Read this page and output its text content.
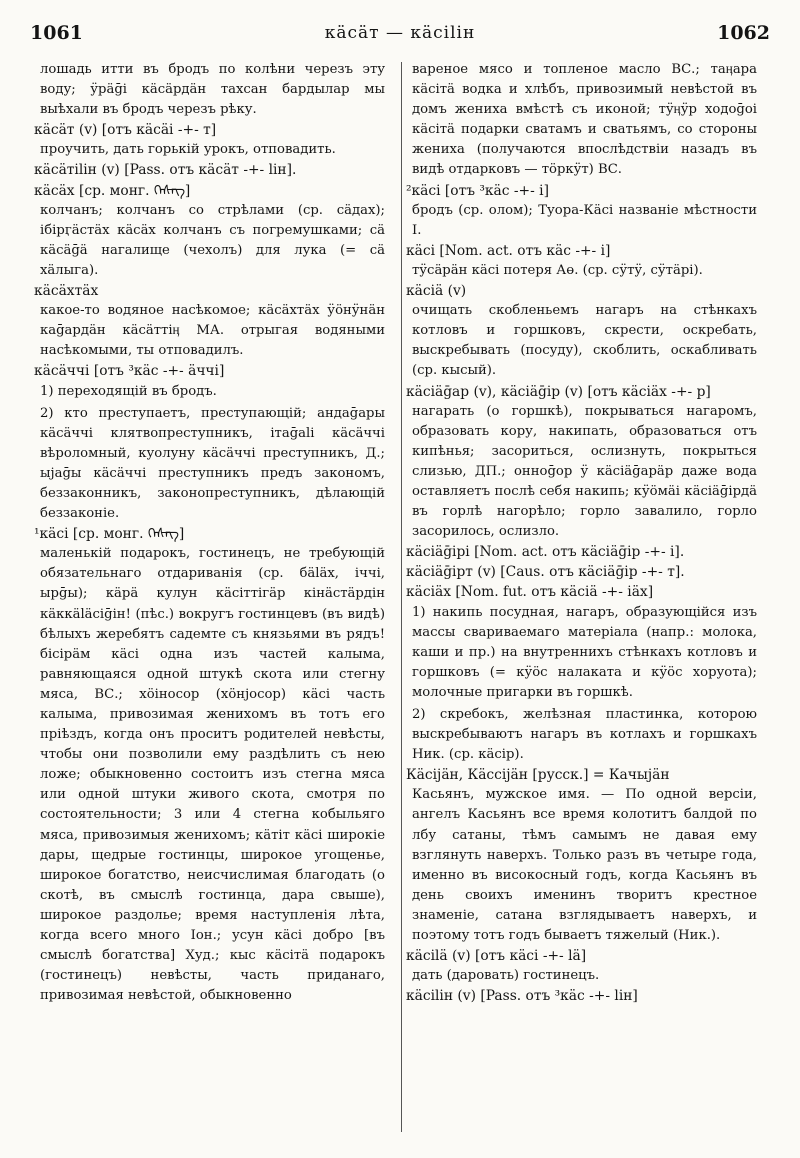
1061	кӓсӓт — кӓсіlін	1062

лошадь итти въ бродъ по колѣни черезъ эту воду; ӱрӓḡі кӓсӓрдӓн тахсан бардылар мы выѣхали въ бродъ черезъ рѣку.

кӓсӓт (v) [отъ кӓсӓі -+- т]

проучить, дать горькій урокъ, отповадить.

кӓсӓтіlін (v) [Pass. отъ кӓсӓт -+- lін].

кӓсӓх [ср. монг. ᠬᠡᠰᠡᠭ]

колчанъ; колчанъ со стрѣлами (ср. сӓдах); ібірӷӓстӓх кӓсӓх колчанъ съ погремушками; сӓ кӓсӓḡӓ нагалище (чехолъ) для лука (= сӓ хӓлыга).

кӓсӓхтӓх

какое-то водяное насѣкомое; кӓсӓхтӓх ӱöнӱнӓн каḡардӓн кӓсӓттіӊ МА. отрыгая водяными насѣкомыми, ты отповадилъ.

кӓсӓччі [отъ ³кӓс -+- ӓччі]

1) переходящій въ бродъ.

2) кто преступаетъ, преступающій; андаḡары кӓсӓччі клятвопреступникъ, ітаḡаlі кӓсӓччі вѣроломный, куолуну кӓсӓччі преступникъ, Д.; ыjаḡы кӓсӓччі преступникъ предъ закономъ, беззаконникъ, законопреступникъ, дѣлающій беззаконіе.

¹кӓсі [ср. монг. ᠬᠡᠰᠡᠭ]

маленькій подарокъ, гостинецъ, не требующій обязательнаго отдариванія (ср. бӓlӓх, іччі, ырḡы); кӓрӓ кулун кӓсіттігӓр кінӓстӓрдін кӓккӓlӓсіḡін! (пѣс.) вокругъ гостинцевъ (въ видѣ) бѣлыхъ жеребятъ садемте съ князьями въ рядъ! бісірӓм кӓсі одна изъ частей калыма, равняющаяся одной штукѣ скота или стегну мяса, ВС.; хöіносор (хöнjосор) кӓсі часть калыма, привозимая женихомъ въ тотъ его пріѣздъ, когда онъ проситъ родителей невѣсты, чтобы они позволили ему раздѣлить съ нею ложе; обыкновенно состоитъ изъ стегна мяса или одной штуки живого скота, смотря по состоятельности; 3 или 4 стегна кобыльяго мяса, привозимыя женихомъ; кӓтіт кӓсі широкіе дары, щедрые гостинцы, широкое угощенье, широкое богатство, неисчислимая благодать (о скотѣ, въ смыслѣ гостинца, дара свыше), широкое раздолье; время наступленія лѣта, когда всего много Іон.; усун кӓсі добро [въ смыслѣ богатства] Худ.; кыс кӓсітӓ подарокъ (гостинецъ) невѣсты, часть приданаго, привозимая невѣстой, обыкновенно

вареное мясо и топленое масло ВС.; таӊара кӓсітӓ водка и хлѣбъ, привозимый невѣстой въ домъ жениха вмѣстѣ съ иконой; тӱӊӱр ходоḡоі кӓсітӓ подарки сватамъ и сватьямъ, со стороны жениха (получаются впослѣдствіи назадъ въ видѣ отдарковъ — тöркӱт) ВС.

²кӓсі [отъ ³кӓс -+- і]

бродъ (ср. олом); Туора-Кӓсі названіе мѣстности І.

кӓсі [Nom. act. отъ кӓс -+- і]

тӱсӓрӓн кӓсі потеря Аө. (ср. сӱтӱ, сӱтӓрі).

кӓсіӓ (v)

очищать скобленьемъ нагаръ на стѣнкахъ котловъ и горшковъ, скрести, оскребать, выскребывать (посуду), скоблить, оскабливать (ср. кысый).

кӓсіӓḡар (v), кӓсіӓḡір (v) [отъ кӓсіӓх -+- р]

нагарать (о горшкѣ), покрываться нагаромъ, образовать кору, накипать, образоваться отъ кипѣнья; засориться, ослизнуть, покрыться слизью, ДП.; онноḡор ӱ кӓсіӓḡарӓр даже вода оставляетъ послѣ себя накипь; кӱöмӓі кӓсіӓḡірдӓ въ горлѣ нагорѣло; горло завалило, горло засорилось, ослизло.

кӓсіӓḡірі [Nom. act. отъ кӓсіӓḡір -+- і].

кӓсіӓḡірт (v) [Caus. отъ кӓсіӓḡір -+- т].

кӓсіӓх [Nom. fut. отъ кӓсіӓ -+- іӓх]

1) накипь посудная, нагаръ, образующійся изъ массы свариваемаго матеріала (напр.: молока, каши и пр.) на внутреннихъ стѣнкахъ котловъ и горшковъ (= кӱöс налаката и кӱöс хоруота); молочные пригарки въ горшкѣ.

2) скребокъ, желѣзная пластинка, которою выскребываютъ нагаръ въ котлахъ и горшкахъ Ник. (ср. кӓсір).

Кӓсіjӓн, Кӓссіjӓн [русск.] = Качыjӓн

Касьянъ, мужское имя. — По одной версіи, ангелъ Касьянъ все время колотитъ балдой по лбу сатаны, тѣмъ самымъ не давая ему взглянуть наверхъ. Только разъ въ четыре года, именно въ високосный годъ, когда Касьянъ въ день своихъ именинъ творитъ крестное знаменіе, сатана взглядываетъ наверхъ, и поэтому тотъ годъ бываетъ тяжелый (Ник.).

кӓсіlӓ (v) [отъ кӓсі -+- lӓ]

дать (даровать) гостинецъ.

кӓсіlін (v) [Pass. отъ ³кӓс -+- lін]
